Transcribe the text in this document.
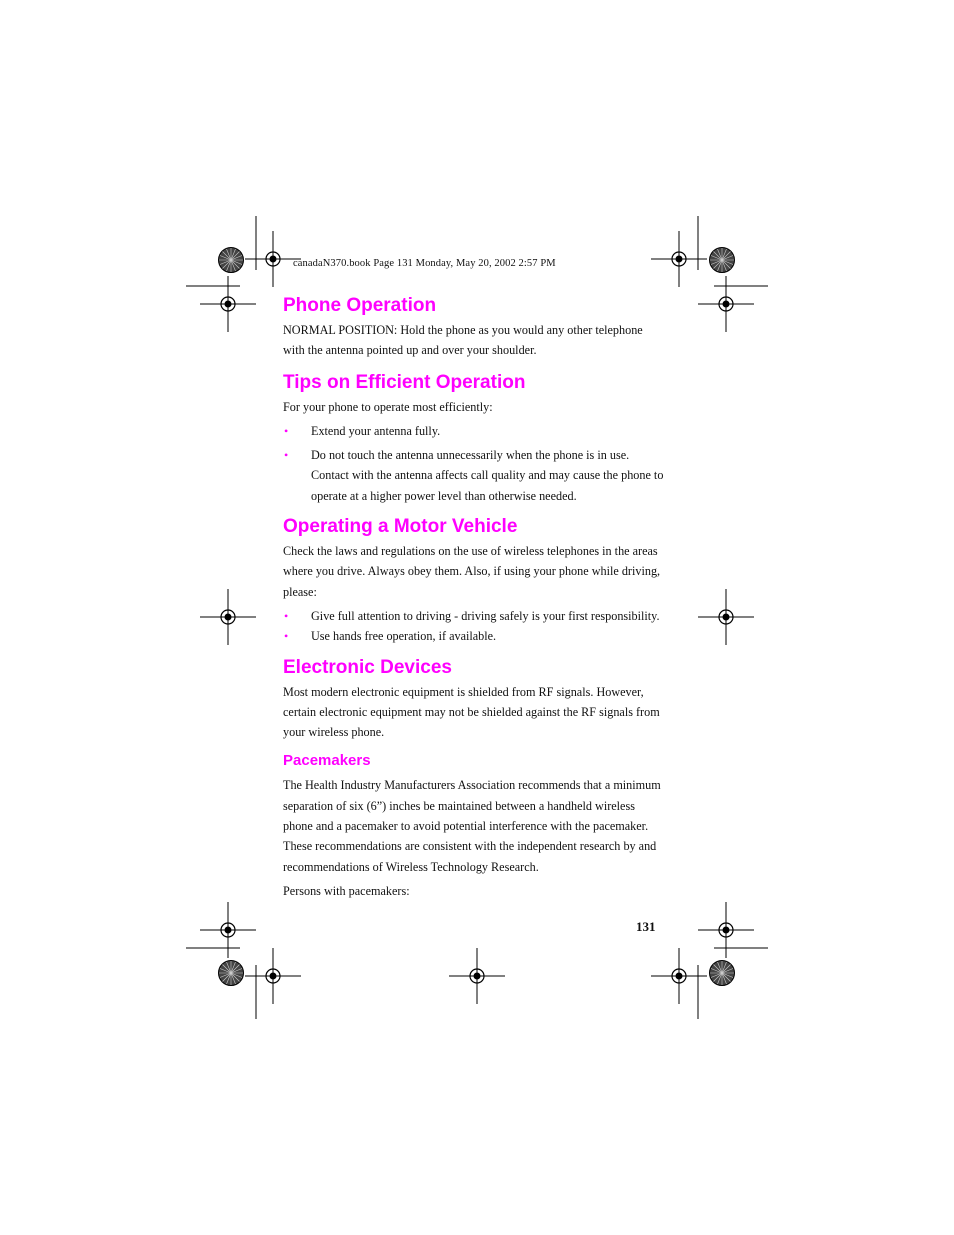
canadaN370.book Page 131 Monday, May 20, 2002 2:57 PM
Phone Operation

NORMAL POSITION: Hold the phone as you would any other telephone with the antenna pointed up and over your shoulder.

Tips on Efficient Operation

For your phone to operate most efficiently:

• Extend your antenna fully.
• Do not touch the antenna unnecessarily when the phone is in use. Contact with the antenna affects call quality and may cause the phone to operate at a higher power level than otherwise needed.
Operating a Motor Vehicle

Check the laws and regulations on the use of wireless telephones in the areas where you drive. Always obey them. Also, if using your phone while driving, please:

• Give full attention to driving - driving safely is your first responsibility.
• Use hands free operation, if available.
Electronic Devices

Most modern electronic equipment is shielded from RF signals. However, certain electronic equipment may not be shielded against the RF signals from your wireless phone.

Pacemakers

The Health Industry Manufacturers Association recommends that a minimum separation of six (6”) inches be maintained between a handheld wireless phone and a pacemaker to avoid potential interference with the pacemaker. These recommendations are consistent with the independent research by and recommendations of Wireless Technology Research.

Persons with pacemakers:

131
